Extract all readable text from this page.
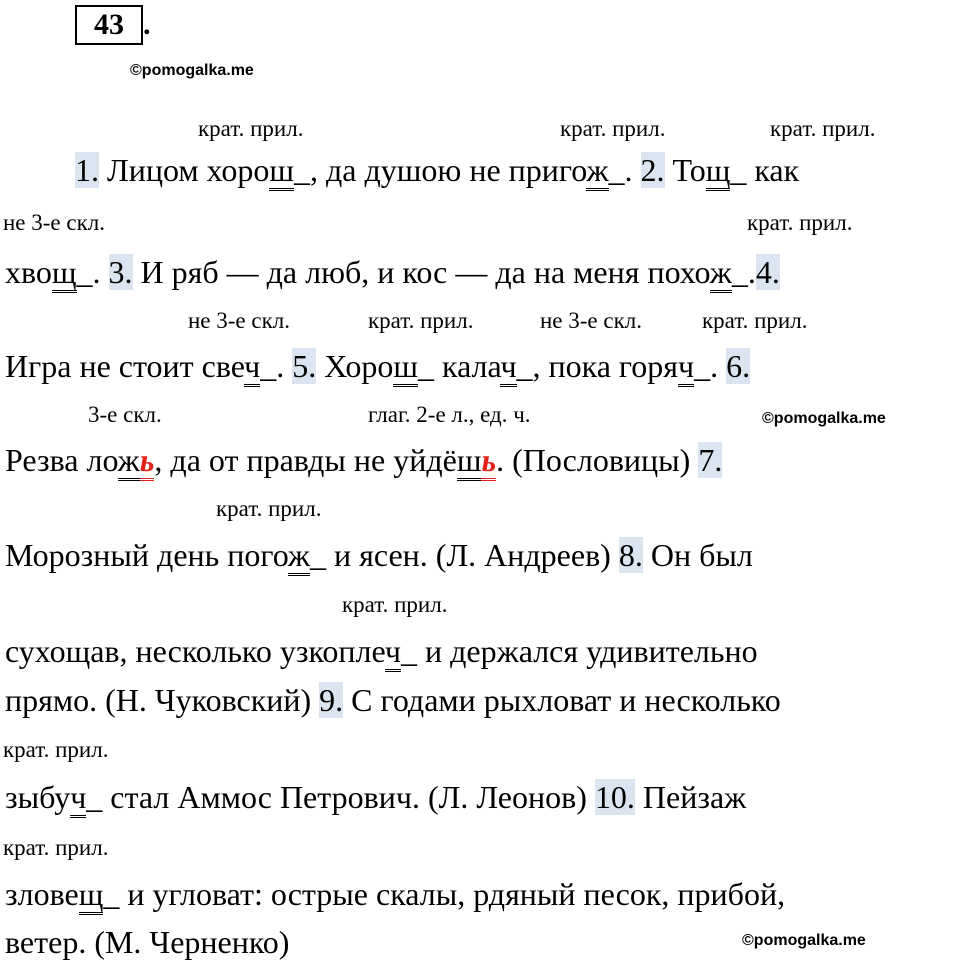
43 .
©pomogalka.me
©pomogalka.me
©pomogalka.me
крат. прил.	крат. прил.	крат. прил.
1. Лицом хорош_, да душою не пригож_. 2. Тощ_ как
не 3-е скл.	крат. прил.
хвощ_. 3. И ряб — да люб, и кос — да на меня похож_.4.
не 3-е скл.	крат. прил.	не 3-е скл.	крат. прил.
Игра не стоит свеч_. 5. Хорош_ калач_, пока горяч_. 6.
3-е скл.	глаг. 2-е л., ед. ч.
Резва ложь, да от правды не уйдёшь. (Пословицы) 7.
крат. прил.
Морозный день погож_ и ясен. (Л. Андреев) 8. Он был
крат. прил.
сухощав, несколько узкоплеч_ и держался удивительно
прямо. (Н. Чуковский) 9. С годами рыхловат и несколько
крат. прил.
зыбуч_ стал Аммос Петрович. (Л. Леонов) 10. Пейзаж
крат. прил.
зловещ_ и угловат: острые скалы, рдяный песок, прибой,
ветер. (М. Черненко)
